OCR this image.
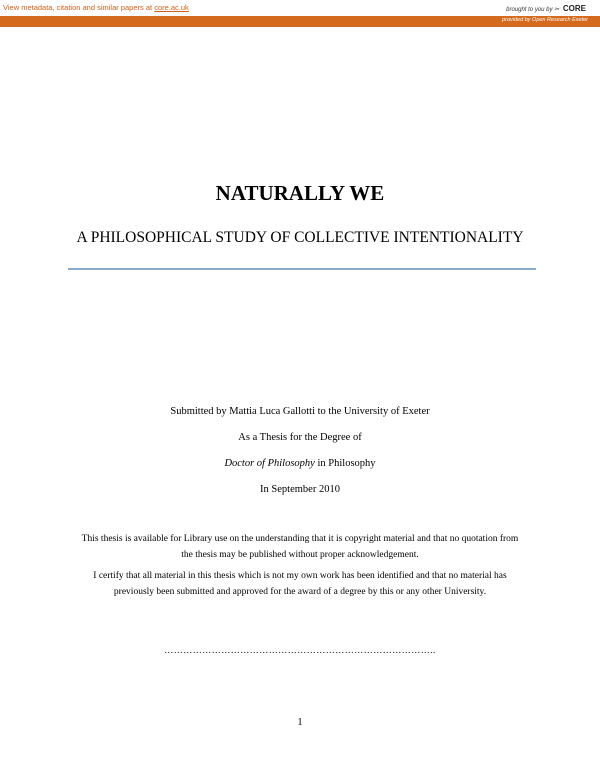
View metadata, citation and similar papers at core.ac.uk	brought to you by ✂ CORE
provided by Open Research Exeter
NATURALLY WE
A PHILOSOPHICAL STUDY OF COLLECTIVE INTENTIONALITY
Submitted by Mattia Luca Gallotti to the University of Exeter
As a Thesis for the Degree of
Doctor of Philosophy in Philosophy
In September 2010
This thesis is available for Library use on the understanding that it is copyright material and that no quotation from the thesis may be published without proper acknowledgement.
I certify that all material in this thesis which is not my own work has been identified and that no material has previously been submitted and approved for the award of a degree by this or any other University.
…………………………………………………………………………..
1
